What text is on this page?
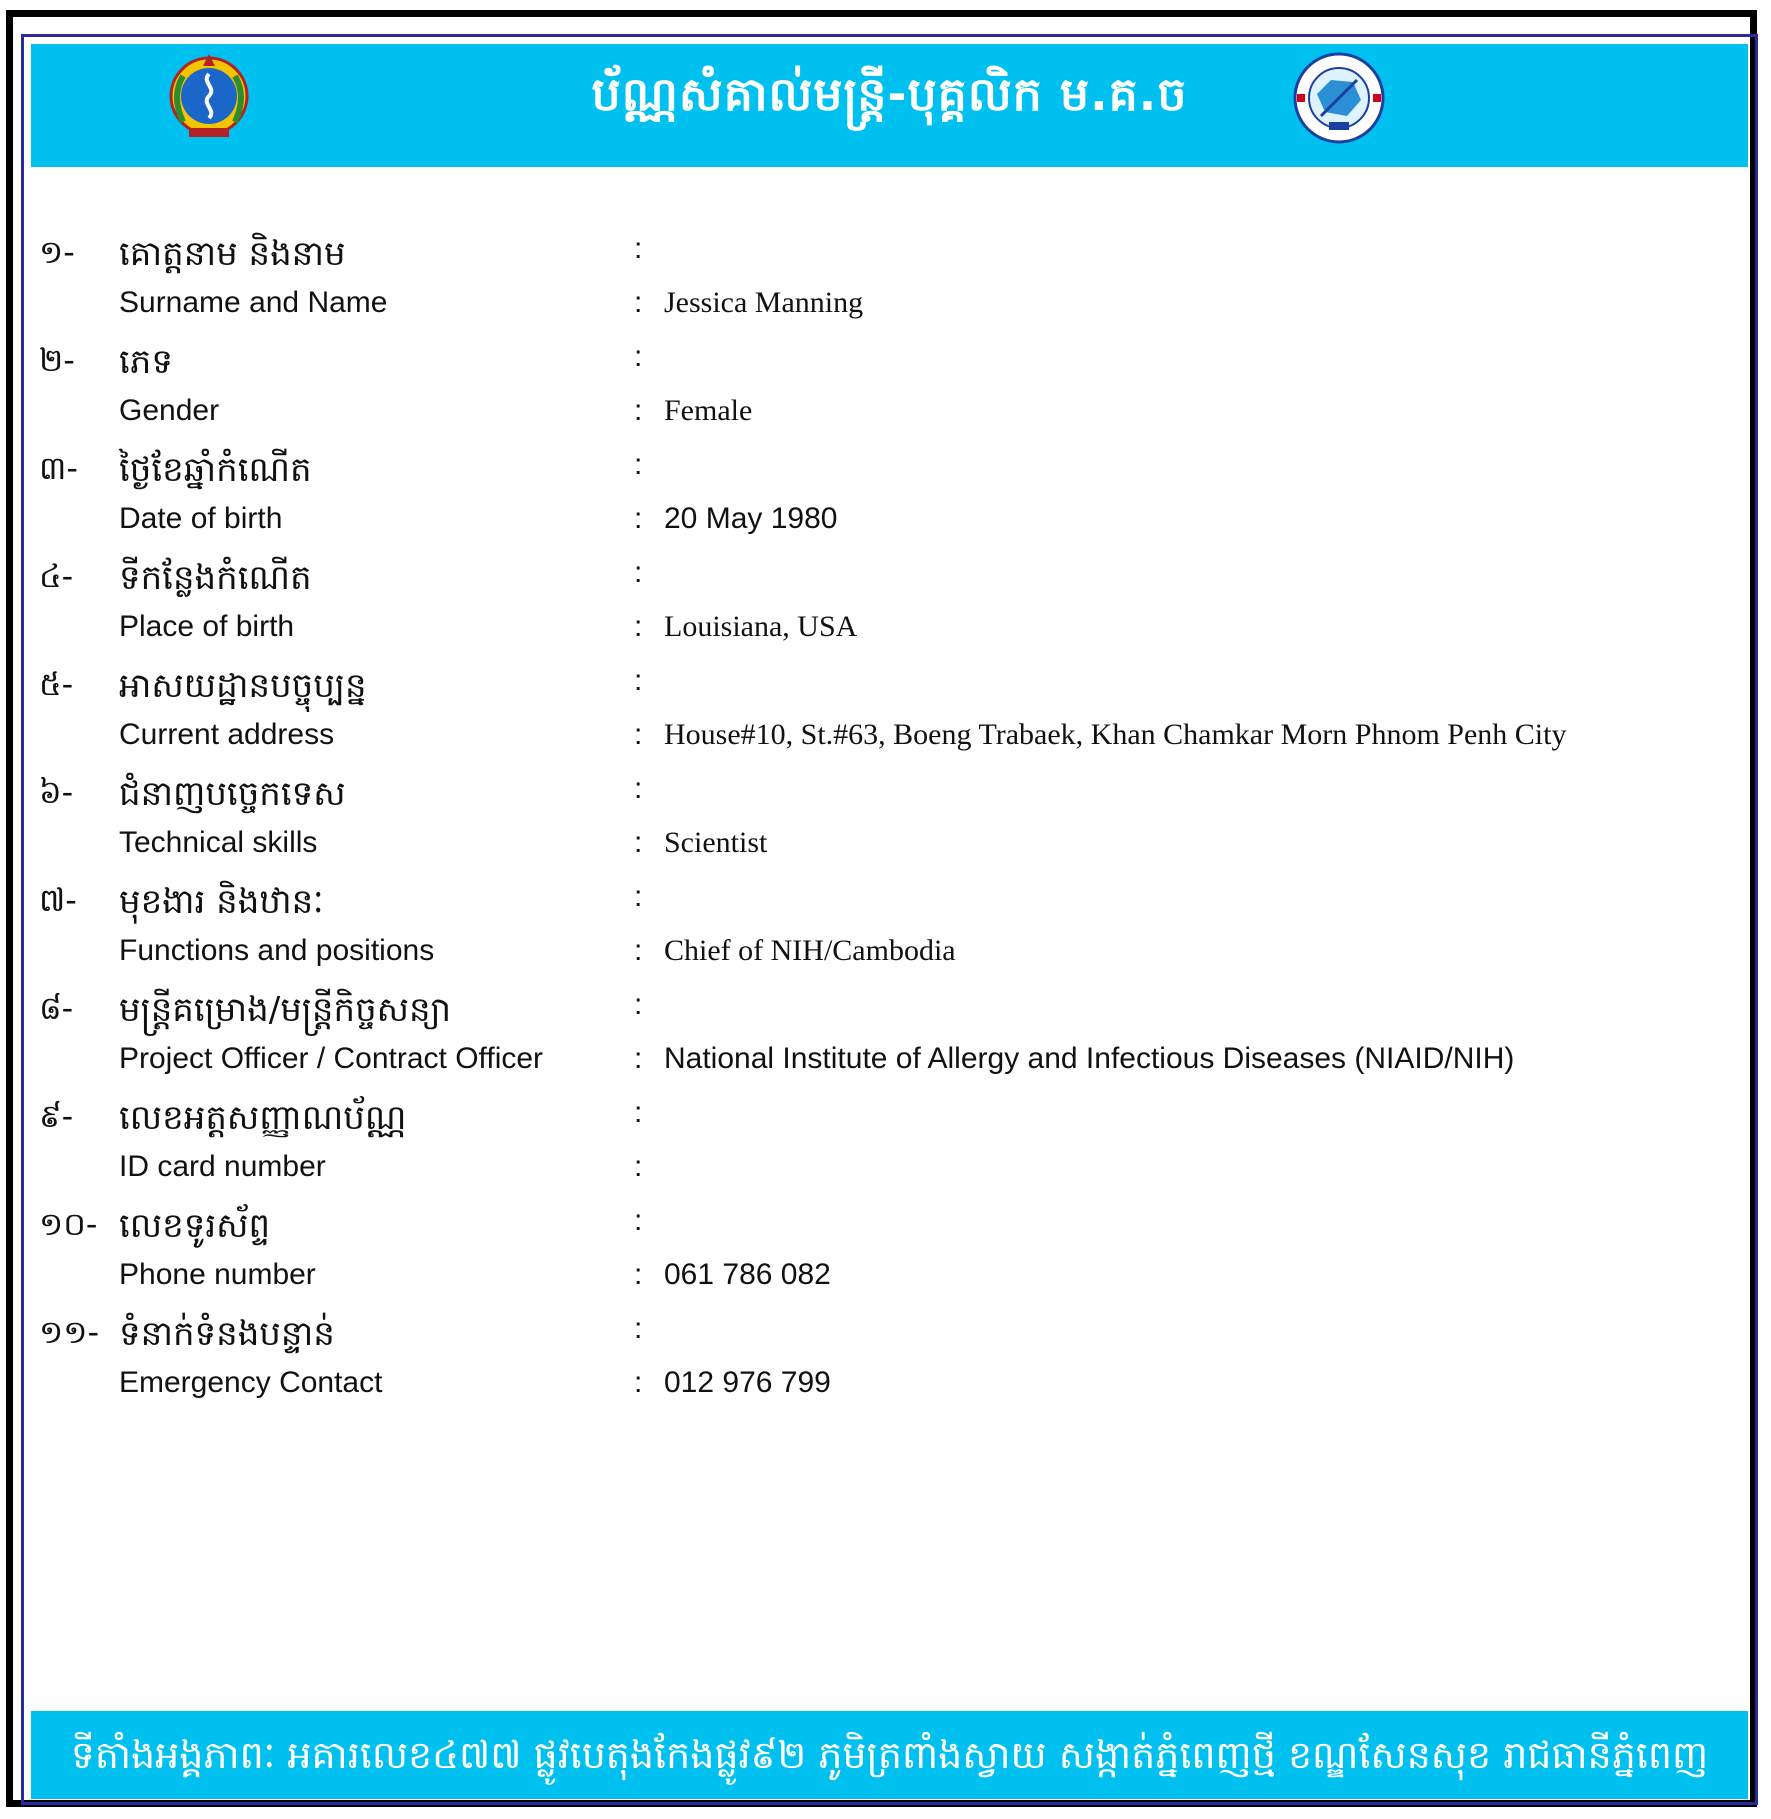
ប័ណ្ណសំគាល់មន្រ្តី-បុគ្គលិក ម.គ.ច
១- គោត្តនាម និងនាម	:
Surname and Name	: Jessica Manning
២- ភេទ	:
Gender	: Female
៣- ថ្ងៃខែឆ្នាំកំណើត	:
Date of birth	: 20 May 1980
៤- ទីកន្លែងកំណើត	:
Place of birth	: Louisiana, USA
៥- អាសយដ្ឋានបច្ចុប្បន្ន	:
Current address	: House#10, St.#63, Boeng Trabaek, Khan Chamkar Morn Phnom Penh City
៦- ជំនាញបច្ចេកទេស	:
Technical skills	: Scientist
៧- មុខងារ និងឋានៈ	:
Functions and positions	: Chief of NIH/Cambodia
៨- មន្រ្តីគម្រោង/មន្រ្តីកិច្ចសន្យា	:
Project Officer / Contract Officer	: National Institute of Allergy and Infectious Diseases (NIAID/NIH)
៩- លេខអត្តសញ្ញាណប័ណ្ណ	:
ID card number	:
១០- លេខទូរស័ព្ទ	:
Phone number	: 061 786 082
១១- ទំនាក់ទំនងបន្ទាន់	:
Emergency Contact	: 012 976 799
ទីតាំងអង្គភាពៈ អគារលេខ៤៧៧ ផ្លូវបេតុងកែងផ្លូវ៩២ ភូមិត្រពាំងស្វាយ សង្កាត់ភ្នំពេញថ្មី ខណ្ឌសែនសុខ រាជធានីភ្នំពេញ
